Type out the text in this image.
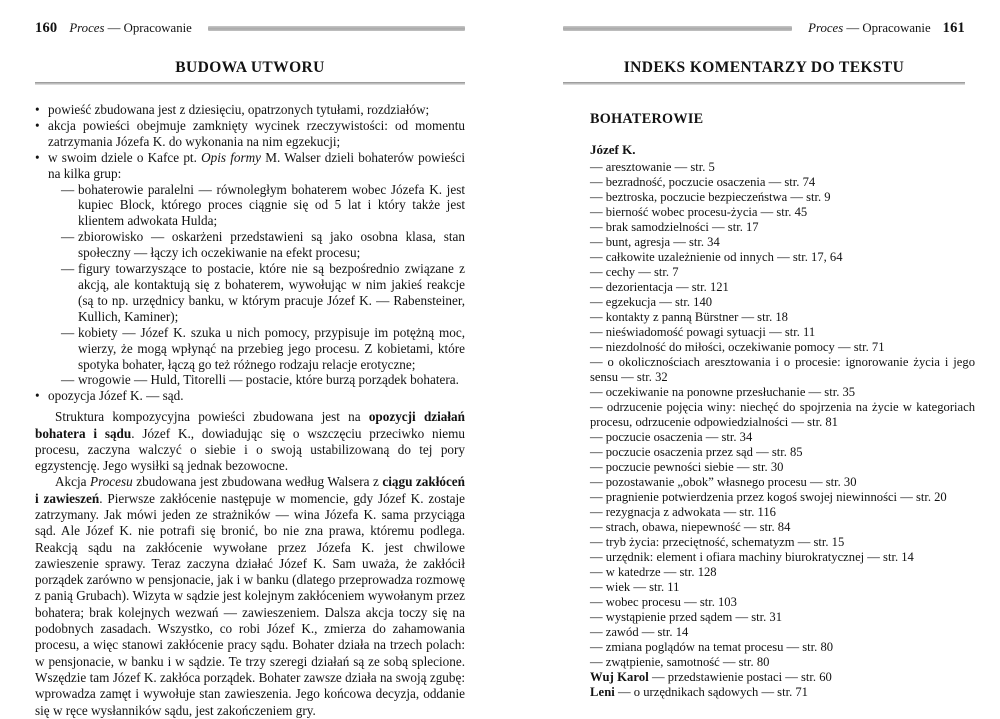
160 Proces — Opracowanie
BUDOWA UTWORU
• powieść zbudowana jest z dziesięciu, opatrzonych tytułami, rozdziałów;
• akcja powieści obejmuje zamknięty wycinek rzeczywistości: od momentu zatrzymania Józefa K. do wykonania na nim egzekucji;
• w swoim dziele o Kafce pt. Opis formy M. Walser dzieli bohaterów powieści na kilka grup:
— bohaterowie paralelni — równoległym bohaterem wobec Józefa K. jest kupiec Block, którego proces ciągnie się od 5 lat i który także jest klientem adwokata Hulda;
— zbiorowisko — oskarżeni przedstawieni są jako osobna klasa, stan społeczny — łączy ich oczekiwanie na efekt procesu;
— figury towarzyszące to postacie, które nie są bezpośrednio związane z akcją, ale kontaktują się z bohaterem, wywołując w nim jakieś reakcje (są to np. urzędnicy banku, w którym pracuje Józef K. — Rabensteiner, Kullich, Kaminer);
— kobiety — Józef K. szuka u nich pomocy, przypisuje im potężną moc, wierzy, że mogą wpłynąć na przebieg jego procesu. Z kobietami, które spotyka bohater, łączą go też różnego rodzaju relacje erotyczne;
— wrogowie — Huld, Titorelli — postacie, które burzą porządek bohatera.
• opozycja Józef K. — sąd.

Struktura kompozycyjna powieści zbudowana jest na opozycji działań bohatera i sądu. Józef K., dowiadując się o wszczęciu przeciwko niemu procesu, zaczyna walczyć o siebie i o swoją ustabilizowaną do tej pory egzystencję. Jego wysiłki są jednak bezowocne.

Akcja Procesu zbudowana jest zbudowana według Walsera z ciągu zakłóceń i zawieszeń. Pierwsze zakłócenie następuje w momencie, gdy Józef K. zostaje zatrzymany. Jak mówi jeden ze strażników — wina Józefa K. sama przyciąga sąd. Ale Józef K. nie potrafi się bronić, bo nie zna prawa, któremu podlega. Reakcją sądu na zakłócenie wywołane przez Józefa K. jest chwilowe zawieszenie sprawy. Teraz zaczyna działać Józef K. Sam uważa, że zakłócił porządek zarówno w pensjonacie, jak i w banku (dlatego przeprowadza rozmowę z panią Grubach). Wizyta w sądzie jest kolejnym zakłóceniem wywołanym przez bohatera; brak kolejnych wezwań — zawieszeniem. Dalsza akcja toczy się na podobnych zasadach. Wszystko, co robi Józef K., zmierza do zahamowania procesu, a więc stanowi zakłócenie pracy sądu. Bohater działa na trzech polach: w pensjonacie, w banku i w sądzie. Te trzy szeregi działań są ze sobą splecione. Wszędzie tam Józef K. zakłóca porządek. Bohater zawsze działa na swoją zgubę: wprowadza zamęt i wywołuje stan zawieszenia. Jego końcowa decyzja, oddanie się w ręce wysłanników sądu, jest zakończeniem gry.

Proces — Opracowanie 161
INDEKS KOMENTARZY DO TEKSTU
BOHATEROWIE
Józef K.
— aresztowanie — str. 5
— bezradność, poczucie osaczenia — str. 74
— beztroska, poczucie bezpieczeństwa — str. 9
— bierność wobec procesu-życia — str. 45
— brak samodzielności — str. 17
— bunt, agresja — str. 34
— całkowite uzależnienie od innych — str. 17, 64
— cechy — str. 7
— dezorientacja — str. 121
— egzekucja — str. 140
— kontakty z panną Bürstner — str. 18
— nieświadomość powagi sytuacji — str. 11
— niezdolność do miłości, oczekiwanie pomocy — str. 71
— o okolicznościach aresztowania i o procesie: ignorowanie życia i jego sensu — str. 32
— oczekiwanie na ponowne przesłuchanie — str. 35
— odrzucenie pojęcia winy: niechęć do spojrzenia na życie w kategoriach procesu, odrzucenie odpowiedzialności — str. 81
— poczucie osaczenia — str. 34
— poczucie osaczenia przez sąd — str. 85
— poczucie pewności siebie — str. 30
— pozostawanie „obok” własnego procesu — str. 30
— pragnienie potwierdzenia przez kogoś swojej niewinności — str. 20
— rezygnacja z adwokata — str. 116
— strach, obawa, niepewność — str. 84
— tryb życia: przeciętność, schematyzm — str. 15
— urzędnik: element i ofiara machiny biurokratycznej — str. 14
— w katedrze — str. 128
— wiek — str. 11
— wobec procesu — str. 103
— wystąpienie przed sądem — str. 31
— zawód — str. 14
— zmiana poglądów na temat procesu — str. 80
— zwątpienie, samotność — str. 80
Wuj Karol — przedstawienie postaci — str. 60
Leni — o urzędnikach sądowych — str. 71
